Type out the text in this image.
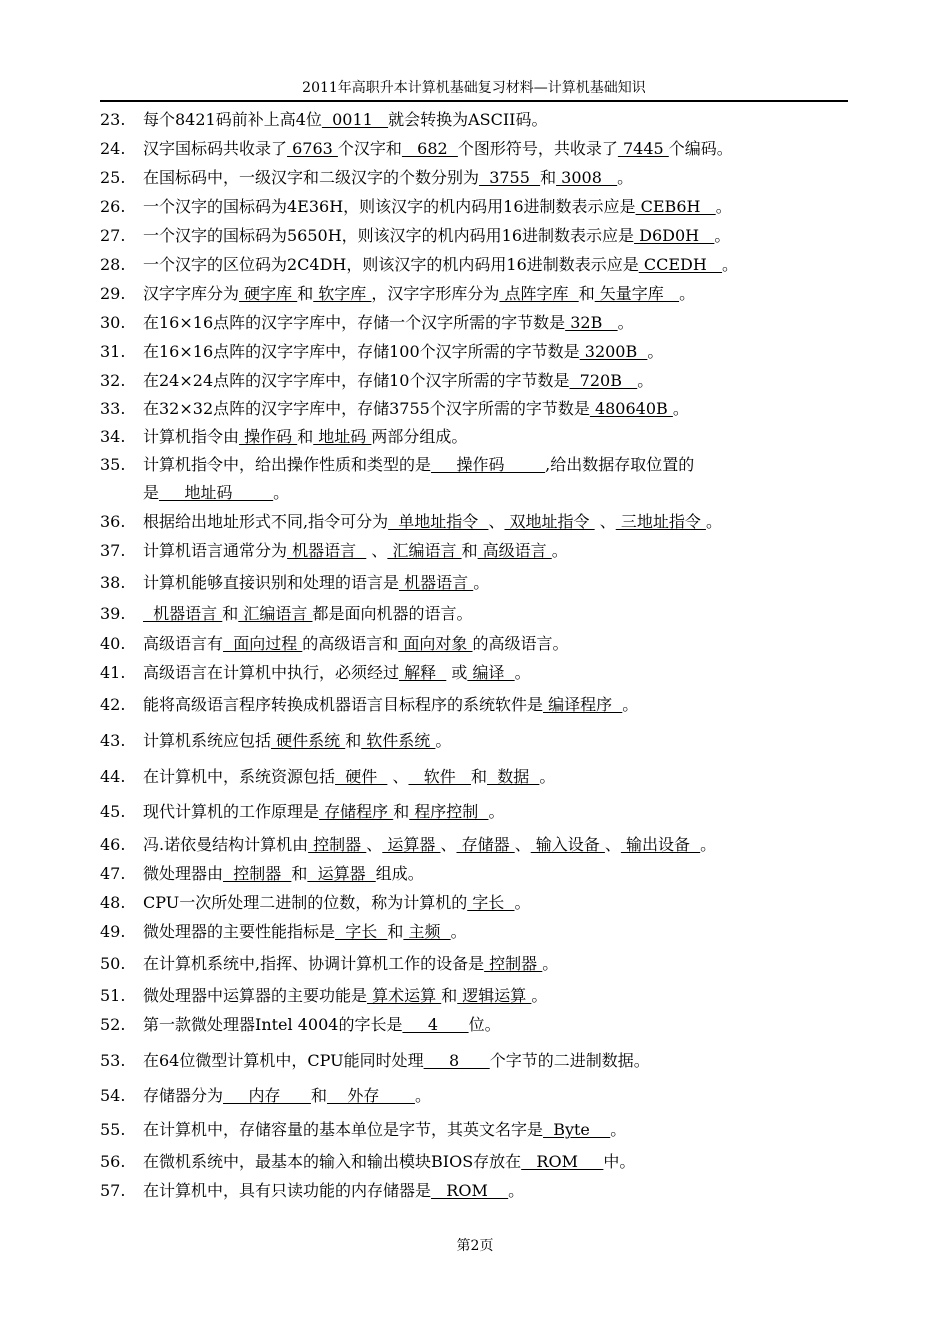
2011年高职升本计算机基础复习材料—计算机基础知识
23. 每个8421码前补上高4位  0011   就会转换为ASCII码。
24. 汉字国标码共收录了 6763 个汉字和   682  个图形符号，共收录了 7445 个编码。
25. 在国标码中，一级汉字和二级汉字的个数分别为  3755  和 3008   。
26. 一个汉字的国标码为4E36H，则该汉字的机内码用16进制数表示应是 CEB6H   。
27. 一个汉字的国标码为5650H，则该汉字的机内码用16进制数表示应是 D6D0H   。
28. 一个汉字的区位码为2C4DH，则该汉字的机内码用16进制数表示应是 CCEDH   。
29. 汉字字库分为 硬字库 和 软字库 ，汉字字形库分为 点阵字库  和 矢量字库   。
30. 在16×16点阵的汉字字库中，存储一个汉字所需的字节数是 32B   。
31. 在16×16点阵的汉字字库中，存储100个汉字所需的字节数是 3200B  。
32. 在24×24点阵的汉字字库中，存储10个汉字所需的字节数是  720B   。
33. 在32×32点阵的汉字字库中，存储3755个汉字所需的字节数是 480640B 。
34. 计算机指令由 操作码 和 地址码 两部分组成。
35. 计算机指令中，给出操作性质和类型的是     操作码        ,给出数据存取位置的
是     地址码        。
36. 根据给出地址形式不同,指令可分为  单地址指令  、 双地址指令  、 三地址指令 。
37. 计算机语言通常分为 机器语言   、 汇编语言 和 高级语言 。
38. 计算机能够直接识别和处理的语言是 机器语言 。
39.  机器语言 和 汇编语言 都是面向机器的语言。
40. 高级语言有  面向过程 的高级语言和 面向对象 的高级语言。
41. 高级语言在计算机中执行，必须经过 解释   或 编译  。
42. 能将高级语言程序转换成机器语言目标程序的系统软件是 编译程序  。
43. 计算机系统应包括 硬件系统 和 软件系统 。
44. 在计算机中，系统资源包括  硬件   、   软件   和  数据  。
45. 现代计算机的工作原理是 存储程序 和 程序控制  。
46. 冯.诺依曼结构计算机由 控制器 、 运算器 、 存储器 、 输入设备 、 输出设备  。
47. 微处理器由  控制器  和  运算器  组成。
48. CPU一次所处理二进制的位数，称为计算机的 字长  。
49. 微处理器的主要性能指标是  字长  和 主频  。
50. 在计算机系统中,指挥、协调计算机工作的设备是 控制器 。
51. 微处理器中运算器的主要功能是 算术运算 和 逻辑运算 。
52. 第一款微处理器Intel 4004的字长是     4      位。
53. 在64位微型计算机中，CPU能同时处理     8      个字节的二进制数据。
54. 存储器分为     内存      和    外存       。
55. 在计算机中，存储容量的基本单位是字节，其英文名字是  Byte    。
56. 在微机系统中，最基本的输入和输出模块BIOS存放在   ROM     中。
57. 在计算机中，具有只读功能的内存储器是   ROM    。
第2页
